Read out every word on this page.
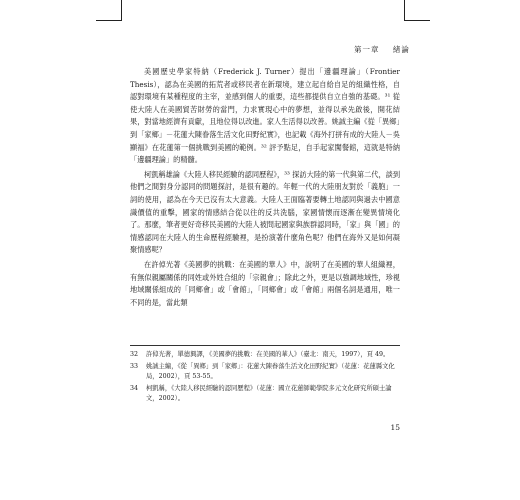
第一章 緒論

美國歷史學家特納（Frederick J. Turner）提出「邊疆理論」（Frontier Thesis），認為在美國的拓荒者或移民者在新環境，建立起自給自足的組織性格，自認對環境有某種程度的主宰，並感到個人的重要，這些都提供自立自強的基礎。³¹ 從使大陸人在美國貿苦財勞的當門，力求實現心中的夢想，並得以承先啟後，開花結果，對當地經濟有貢獻，且地位得以改進。家人生活得以改善。姚誠主編《從「異鄉」到「家鄉」－花蓮大陳眷落生活文化田野紀實》，也記載《海外打拼有成的大陸人－吳顯福》在花蓮第一個挑戰到美國的範例。³² 評予點足，自手起家闖餐館，這就是特納「邊疆理論」的精髓。

柯凱稱雄論《大陸人移民經驗的認同歷程》，³³ 探訪大陸的第一代與第二代，談到他們之間對身分認同的問題探討，是很有趣的。年輕一代的大陸朋友對於「義胞」一詞的使用，認為在今天已沒有太大意義。大陸人王面臨著要轉土地認同與過去中國意識價值的重擊，國家的情感結合從以往的反共洗腦，家國情懷而逐漸在變異情境化了。那麼，筆者更好奇移民美國的大陸人被問起國家與族群認同時，「家」與「國」的情感認同在大陸人的生命歷程經驗裡，是扮演著什麼角色呢？他們在海外又是如何凝聚情感呢？

在許倬光著《美國夢的挑戰：在美國的華人》中，說明了在美國的華人組織裡，有無似親屬關係的同姓或外姓合組的「宗親會」；除此之外，更是以強調地域性，珍視地域關係組成的「同鄉會」或「會館」，「同鄉會」或「會館」兩個名詞是通用，唯一不同的是，當此類

32	許倬光著，單德興譯，《美國夢的挑戰：在美國的華人》（臺北：南天，1997），頁 49。
33	姚誠主編，《從「異鄉」到「家鄉」：花蓮大陳眷落生活文化田野紀實》（花蓮：花蓮縣文化局，2002），頁 53-55。
34	柯凱稱，《大陸人移民經驗的認同歷程》（花蓮：國立花蓮師範學院多元文化研究所碩士論文，2002）。
15
